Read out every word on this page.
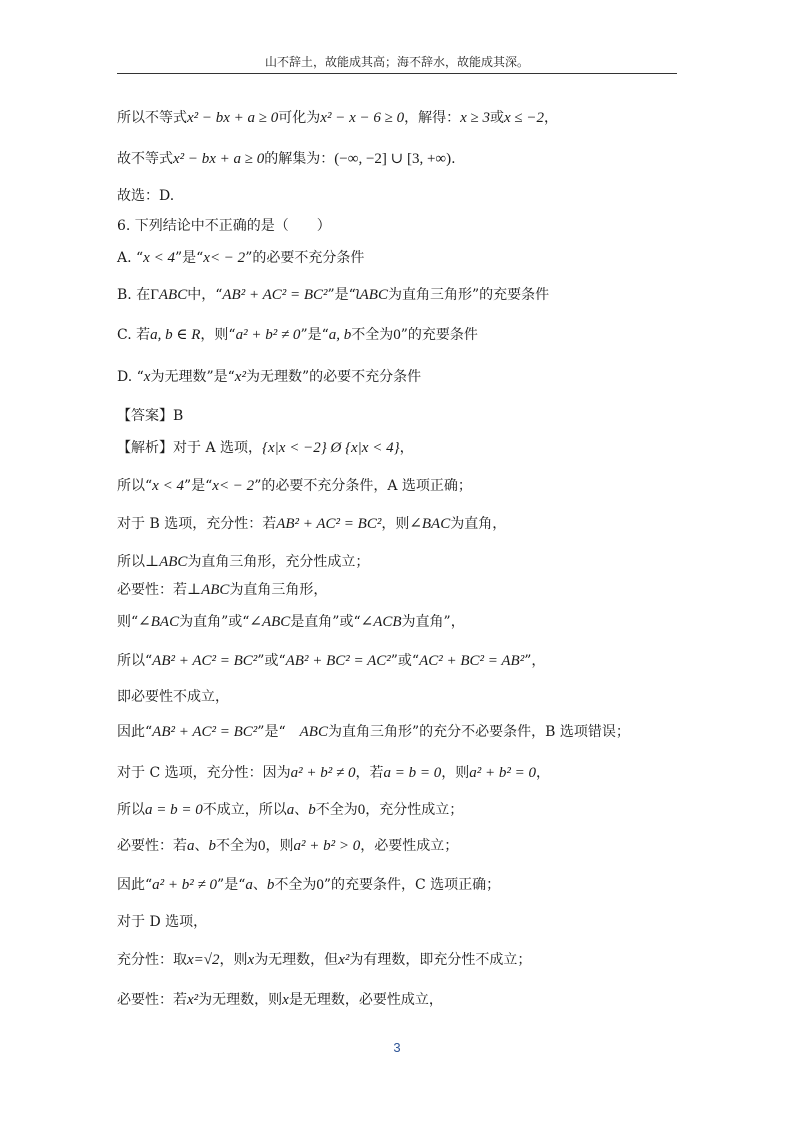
山不辞土，故能成其高；海不辞水，故能成其深。
所以不等式x² − bx + a ≥ 0可化为x² − x − 6 ≥ 0，解得：x ≥ 3或x ≤ −2，
故不等式x² − bx + a ≥ 0的解集为：(−∞, −2] ∪ [3, +∞).
故选：D.
6. 下列结论中不正确的是（　　）
A. “x < 4”是“x< − 2”的必要不充分条件
B. 在ΓABC中，“AB² + AC² = BC²”是“ʅABC为直角三角形”的充要条件
C. 若a, b ∈ R，则“a² + b² ≠ 0”是“a, b不全为0”的充要条件
D. “x为无理数”是“x²为无理数”的必要不充分条件
【答案】B
【解析】对于 A 选项，{x|x < −2} Ø {x|x < 4}，
所以“x < 4”是“x< − 2”的必要不充分条件，A 选项正确；
对于 B 选项，充分性：若AB² + AC² = BC²，则∠BAC为直角，
所以⊥ABC为直角三角形，充分性成立；
必要性：若⊥ABC为直角三角形，
则“∠BAC为直角”或“∠ABC是直角”或“∠ACB为直角”，
所以“AB² + AC² = BC²”或“AB² + BC² = AC²”或“AC² + BC² = AB²”，
即必要性不成立，
因此“AB² + AC² = BC²”是“　ABC为直角三角形”的充分不必要条件，B 选项错误；
对于 C 选项，充分性：因为a² + b² ≠ 0，若a = b = 0，则a² + b² = 0，
所以a = b = 0不成立，所以a、b不全为0，充分性成立；
必要性：若a、b不全为0，则a² + b² > 0，必要性成立；
因此“a² + b² ≠ 0”是“a、b不全为0”的充要条件，C 选项正确；
对于 D 选项，
充分性：取x=√2，则x为无理数，但x²为有理数，即充分性不成立；
必要性：若x²为无理数，则x是无理数，必要性成立，
3
